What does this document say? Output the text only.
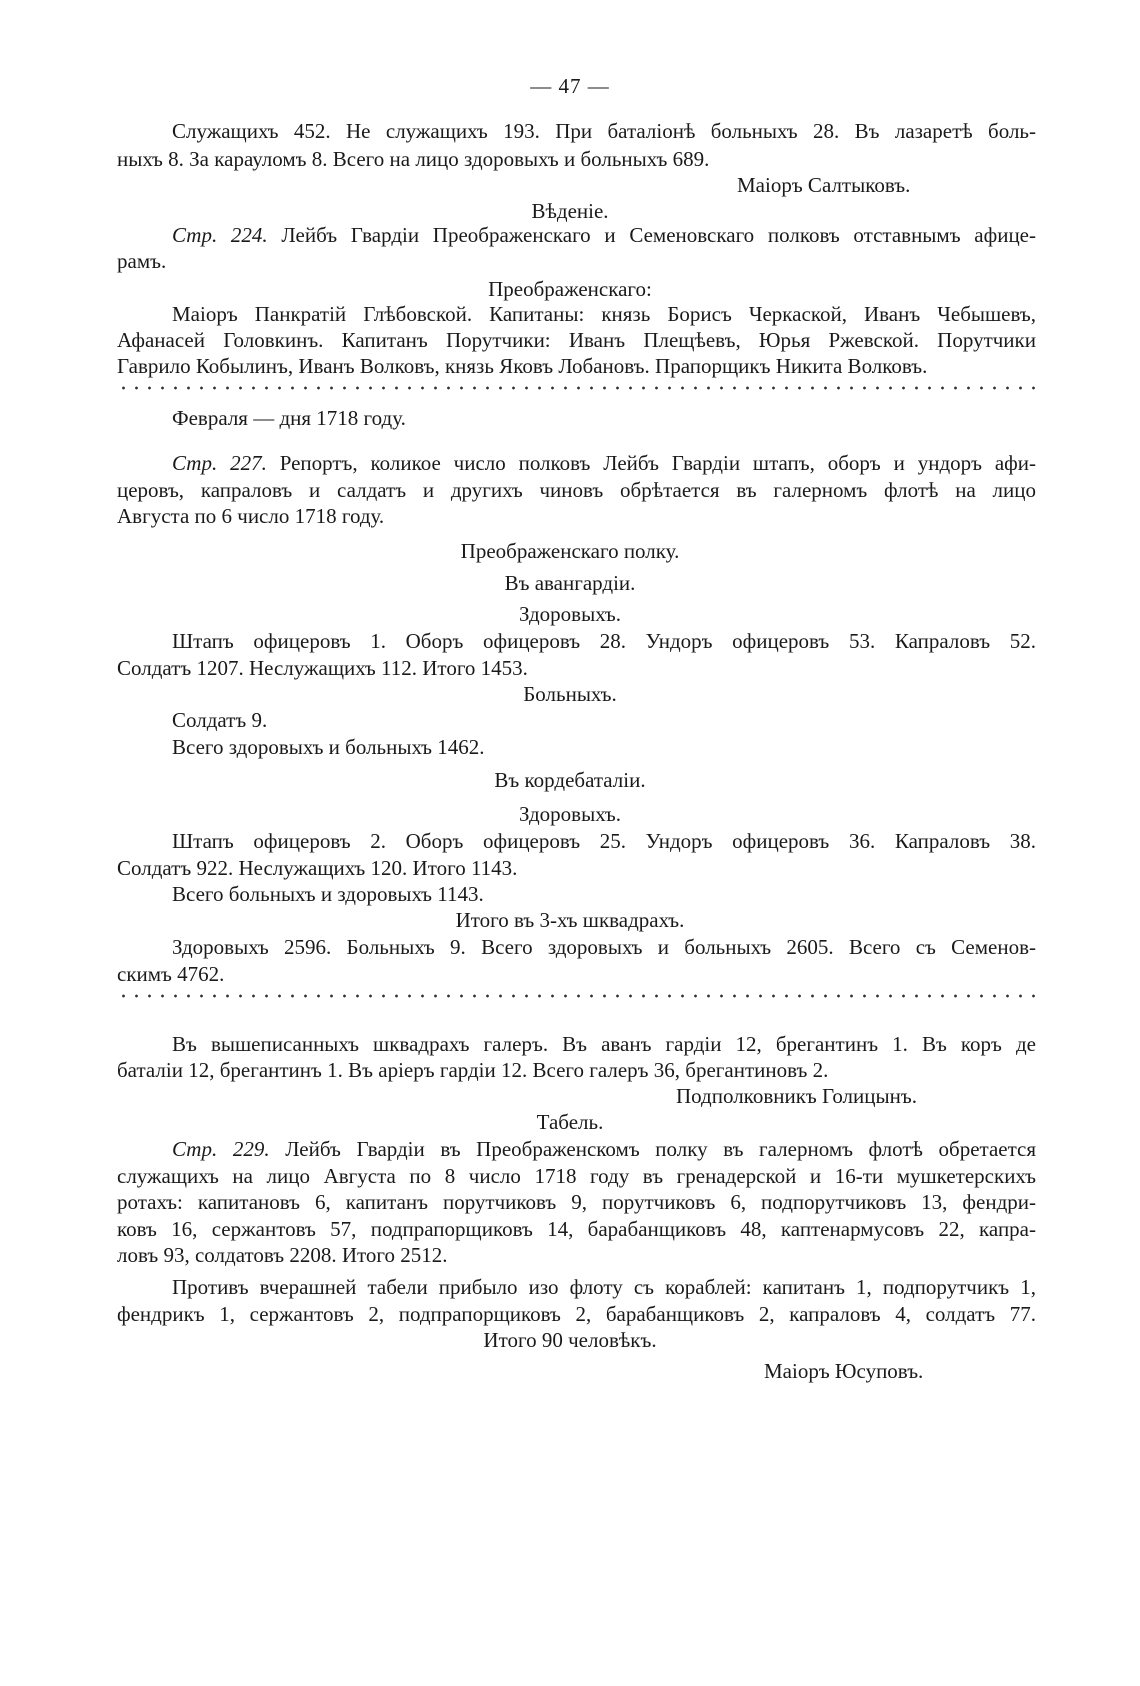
— 47 —
Служащихъ 452. Не служащихъ 193. При баталіонѣ больныхъ 28. Въ лазаретѣ боль-
ныхъ 8. За карауломъ 8. Всего на лицо здоровыхъ и больныхъ 689.
Маіоръ Салтыковъ.
Вѣденіе.
Стр. 224. Лейбъ Гвардіи Преображенскаго и Семеновскаго полковъ отставнымъ афице-
рамъ.
Преображенскаго:
Маіоръ Панкратій Глѣбовской. Капитаны: князь Борисъ Черкаской, Иванъ Чебышевъ,
Афанасей Головкинъ. Капитанъ Порутчики: Иванъ Плещѣевъ, Юрья Ржевской. Порутчики
Гаврило Кобылинъ, Иванъ Волковъ, князь Яковъ Лобановъ. Прапорщикъ Никита Волковъ.
Февраля — дня 1718 году.
Стр. 227. Репортъ, коликое число полковъ Лейбъ Гвардіи штапъ, оборъ и ундоръ афи-
церовъ, капраловъ и салдатъ и другихъ чиновъ обрѣтается въ галерномъ флотѣ на лицо
Августа по 6 число 1718 году.
Преображенскаго полку.
Въ авангардіи.
Здоровыхъ.
Штапъ офицеровъ 1. Оборъ офицеровъ 28. Ундоръ офицеровъ 53. Капраловъ 52.
Солдатъ 1207. Неслужащихъ 112. Итого 1453.
Больныхъ.
Солдатъ 9.
Всего здоровыхъ и больныхъ 1462.
Въ кордебаталіи.
Здоровыхъ.
Штапъ офицеровъ 2. Оборъ офицеровъ 25. Ундоръ офицеровъ 36. Капраловъ 38.
Солдатъ 922. Неслужащихъ 120. Итого 1143.
Всего больныхъ и здоровыхъ 1143.
Итого въ 3-хъ шквадрахъ.
Здоровыхъ 2596. Больныхъ 9. Всего здоровыхъ и больныхъ 2605. Всего съ Семенов-
скимъ 4762.
Въ вышеписанныхъ шквадрахъ галеръ. Въ аванъ гардіи 12, брегантинъ 1. Въ коръ де
баталіи 12, брегантинъ 1. Въ аріеръ гардіи 12. Всего галеръ 36, брегантиновъ 2.
Подполковникъ Голицынъ.
Табель.
Стр. 229. Лейбъ Гвардіи въ Преображенскомъ полку въ галерномъ флотѣ обретается
служащихъ на лицо Августа по 8 число 1718 году въ гренадерской и 16-ти мушкетерскихъ
ротахъ: капитановъ 6, капитанъ порутчиковъ 9, порутчиковъ 6, подпорутчиковъ 13, фендри-
ковъ 16, сержантовъ 57, подпрапорщиковъ 14, барабанщиковъ 48, каптенармусовъ 22, капра-
ловъ 93, солдатовъ 2208. Итого 2512.
Противъ вчерашней табели прибыло изо флоту съ кораблей: капитанъ 1, подпорутчикъ 1,
фендрикъ 1, сержантовъ 2, подпрапорщиковъ 2, барабанщиковъ 2, капраловъ 4, солдатъ 77.
Итого 90 человѣкъ.
Маіоръ Юсуповъ.
